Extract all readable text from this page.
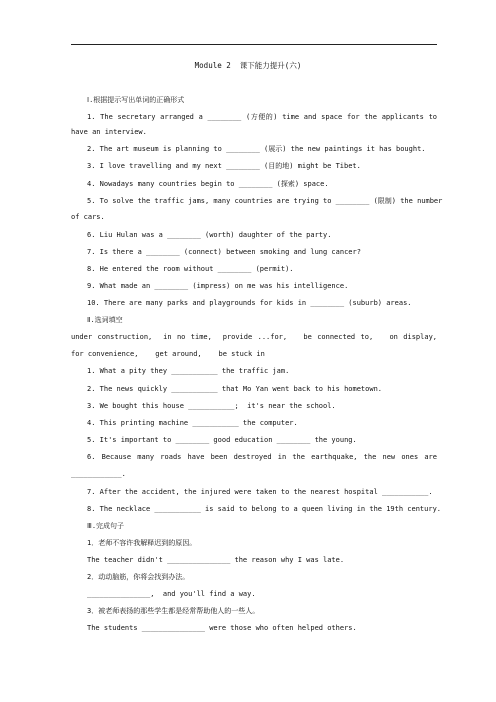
Module 2  课下能力提升(六)
Ⅰ.根据提示写出单词的正确形式
1. The secretary arranged a ________ (方便的) time and space for the applicants to
have an interview.
2. The art museum is planning to ________ (展示) the new paintings it has bought.
3. I love travelling and my next ________ (目的地) might be Tibet.
4. Nowadays many countries begin to ________ (探索) space.
5. To solve the traffic jams, many countries are trying to ________ (限制) the number
of cars.
6. Liu Hulan was a ________ (worth) daughter of the party.
7. Is there a ________ (connect) between smoking and lung cancer?
8. He entered the room without ________ (permit).
9. What made an ________ (impress) on me was his intelligence.
10. There are many parks and playgrounds for kids in ________ (suburb) areas.
Ⅱ.选词填空
under construction,  in no time,  provide ...for,   be connected to,   on display,
for convenience,    get around,    be stuck in
1. What a pity they ___________ the traffic jam.
2. The news quickly ___________ that Mo Yan went back to his hometown.
3. We bought this house ___________;  it's near the school.
4. This printing machine ___________ the computer.
5. It's important to ________ good education ________ the young.
6. Because many roads have been destroyed in the earthquake, the new ones are
____________.
7. After the accident, the injured were taken to the nearest hospital ___________.
8. The necklace ___________ is said to belong to a queen living in the 19th century.
Ⅲ.完成句子
1．老师不容许我解释迟到的原因。
The teacher didn't _______________ the reason why I was late.
2．动动脑筋，你将会找到办法。
_______________,  and you'll find a way.
3．被老师表扬的那些学生都是经常帮助他人的一些人。
The students _______________ were those who often helped others.
